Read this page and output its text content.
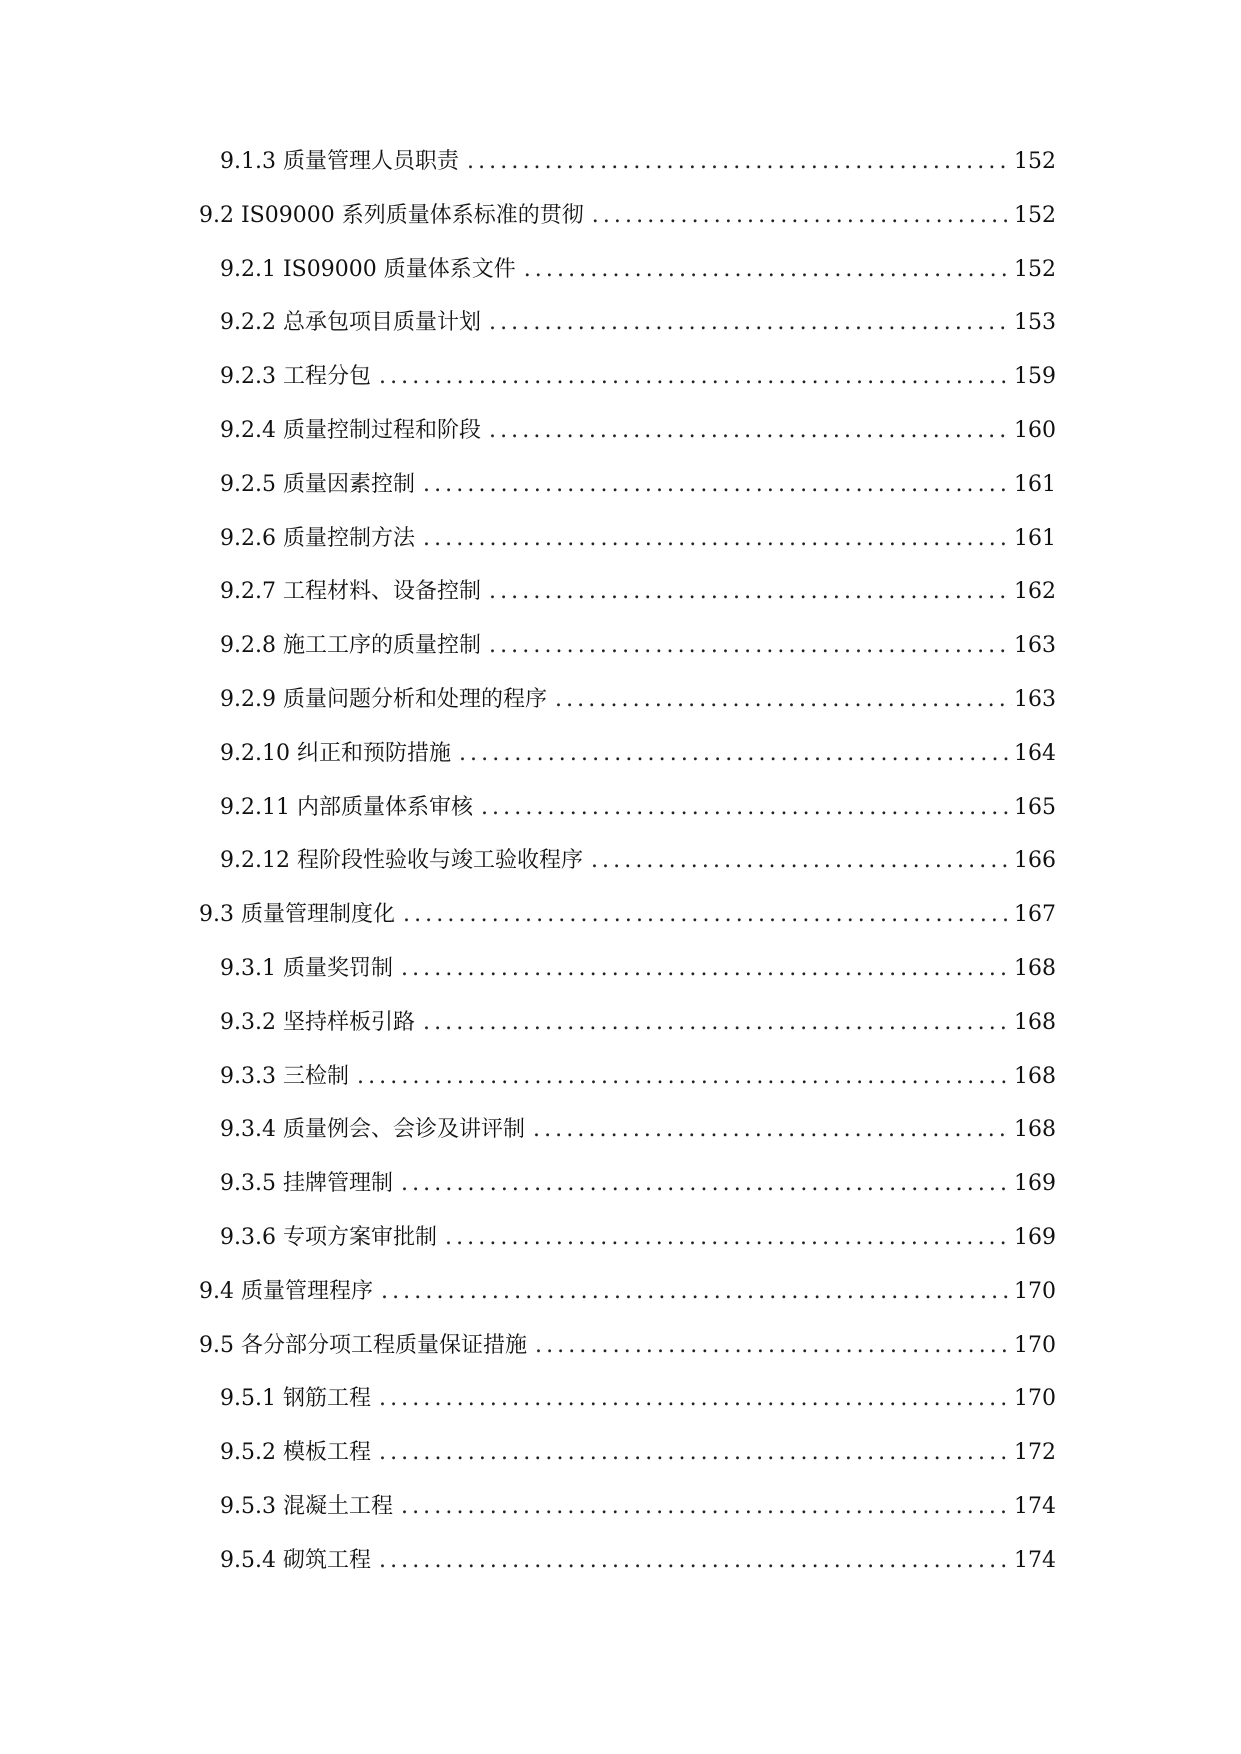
9.1.3 质量管理人员职责 .....	152
9.2 IS09000 系列质量体系标准的贯彻 .....	152
9.2.1 IS09000 质量体系文件 .....	152
9.2.2 总承包项目质量计划 .....	153
9.2.3 工程分包 .....	159
9.2.4 质量控制过程和阶段 .....	160
9.2.5 质量因素控制 .....	161
9.2.6 质量控制方法 .....	161
9.2.7 工程材料、设备控制 .....	162
9.2.8 施工工序的质量控制 .....	163
9.2.9 质量问题分析和处理的程序 .....	163
9.2.10 纠正和预防措施 .....	164
9.2.11 内部质量体系审核 .....	165
9.2.12 程阶段性验收与竣工验收程序 .....	166
9.3 质量管理制度化 .....	167
9.3.1 质量奖罚制 .....	168
9.3.2 坚持样板引路 .....	168
9.3.3 三检制 .....	168
9.3.4 质量例会、会诊及讲评制 .....	168
9.3.5 挂牌管理制 .....	169
9.3.6 专项方案审批制 .....	169
9.4 质量管理程序 .....	170
9.5 各分部分项工程质量保证措施 .....	170
9.5.1 钢筋工程 .....	170
9.5.2 模板工程 .....	172
9.5.3 混凝土工程 .....	174
9.5.4 砌筑工程 .....	174
